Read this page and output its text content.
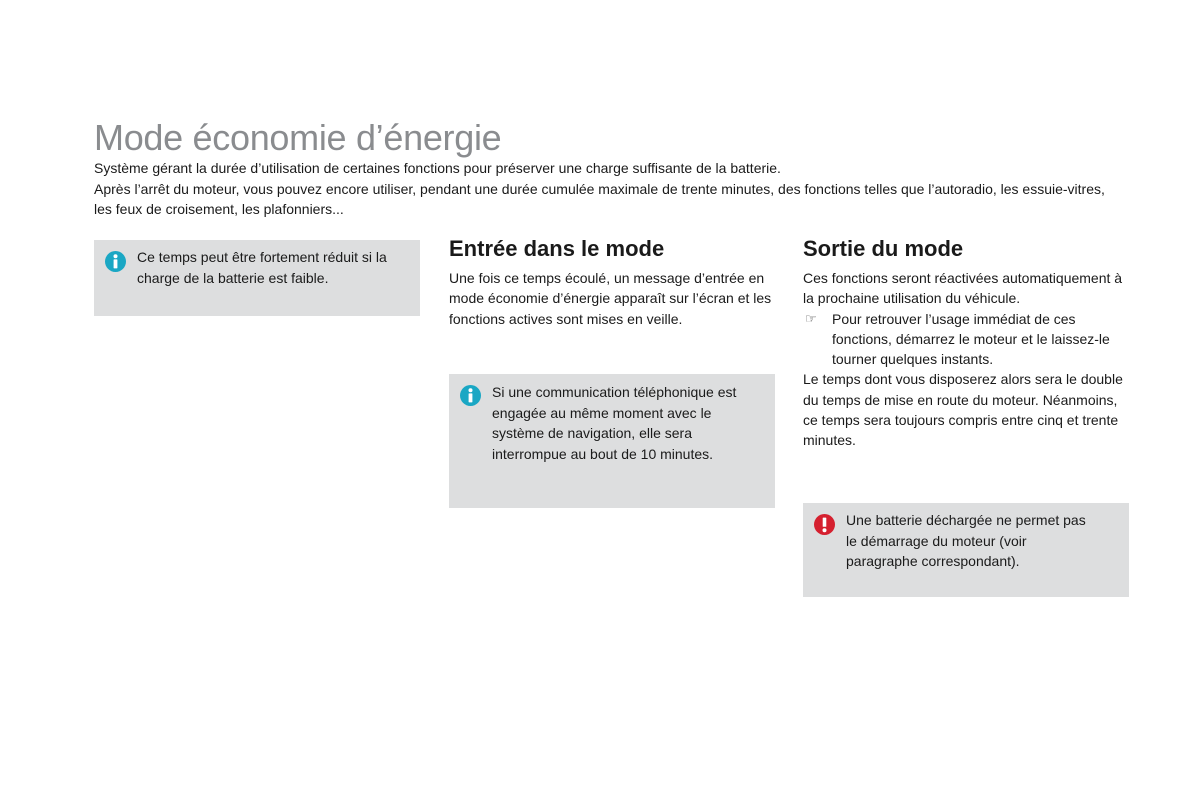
Mode économie d’énergie

Système gérant la durée d’utilisation de certaines fonctions pour préserver une charge suffisante de la batterie.

Après l’arrêt du moteur, vous pouvez encore utiliser, pendant une durée cumulée maximale de trente minutes, des fonctions telles que l’autoradio, les essuie-vitres, les feux de croisement, les plafonniers...

Ce temps peut être fortement réduit si la charge de la batterie est faible.

Entrée dans le mode

Une fois ce temps écoulé, un message d’entrée en mode économie d’énergie apparaît sur l’écran et les fonctions actives sont mises en veille.

Si une communication téléphonique est engagée au même moment avec le système de navigation, elle sera interrompue au bout de 10 minutes.

Sortie du mode

Ces fonctions seront réactivées automatiquement à la prochaine utilisation du véhicule.

☞ Pour retrouver l’usage immédiat de ces fonctions, démarrez le moteur et le laissez-le tourner quelques instants.

Le temps dont vous disposerez alors sera le double du temps de mise en route du moteur. Néanmoins, ce temps sera toujours compris entre cinq et trente minutes.

Une batterie déchargée ne permet pas le démarrage du moteur (voir paragraphe correspondant).
